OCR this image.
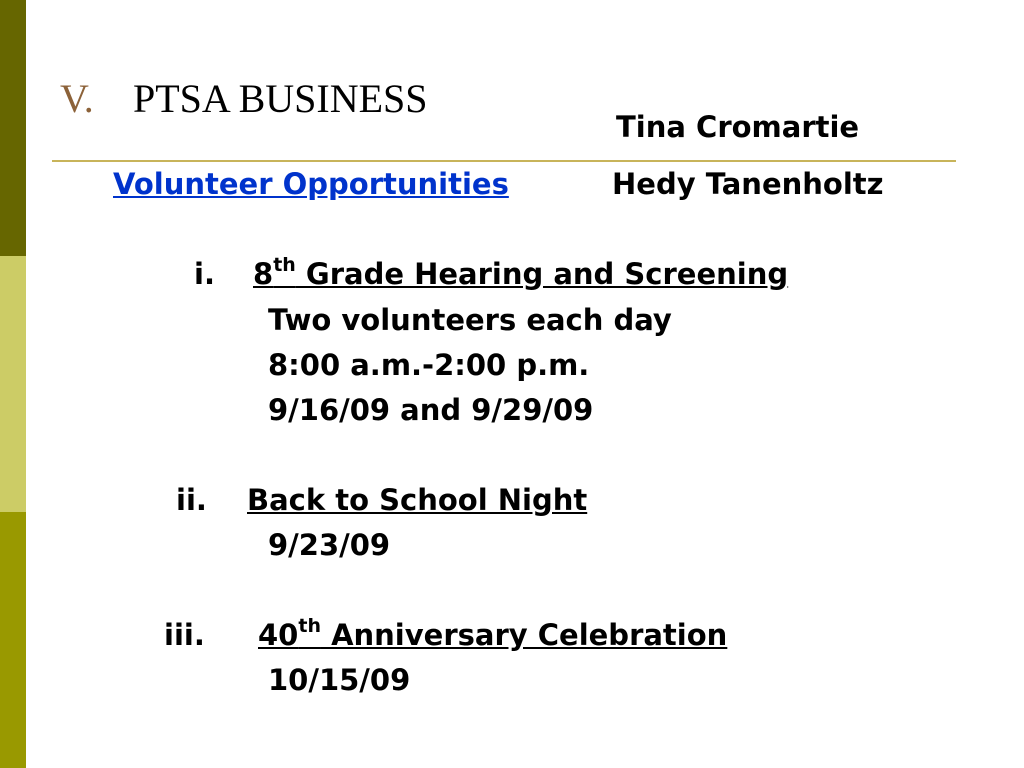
V. PTSA BUSINESS
Tina Cromartie
Volunteer Opportunities	Hedy Tanenholtz
i. 8th Grade Hearing and Screening
Two volunteers each day
8:00 a.m.-2:00 p.m.
9/16/09 and 9/29/09
ii. Back to School Night
9/23/09
iii. 40th Anniversary Celebration
10/15/09
